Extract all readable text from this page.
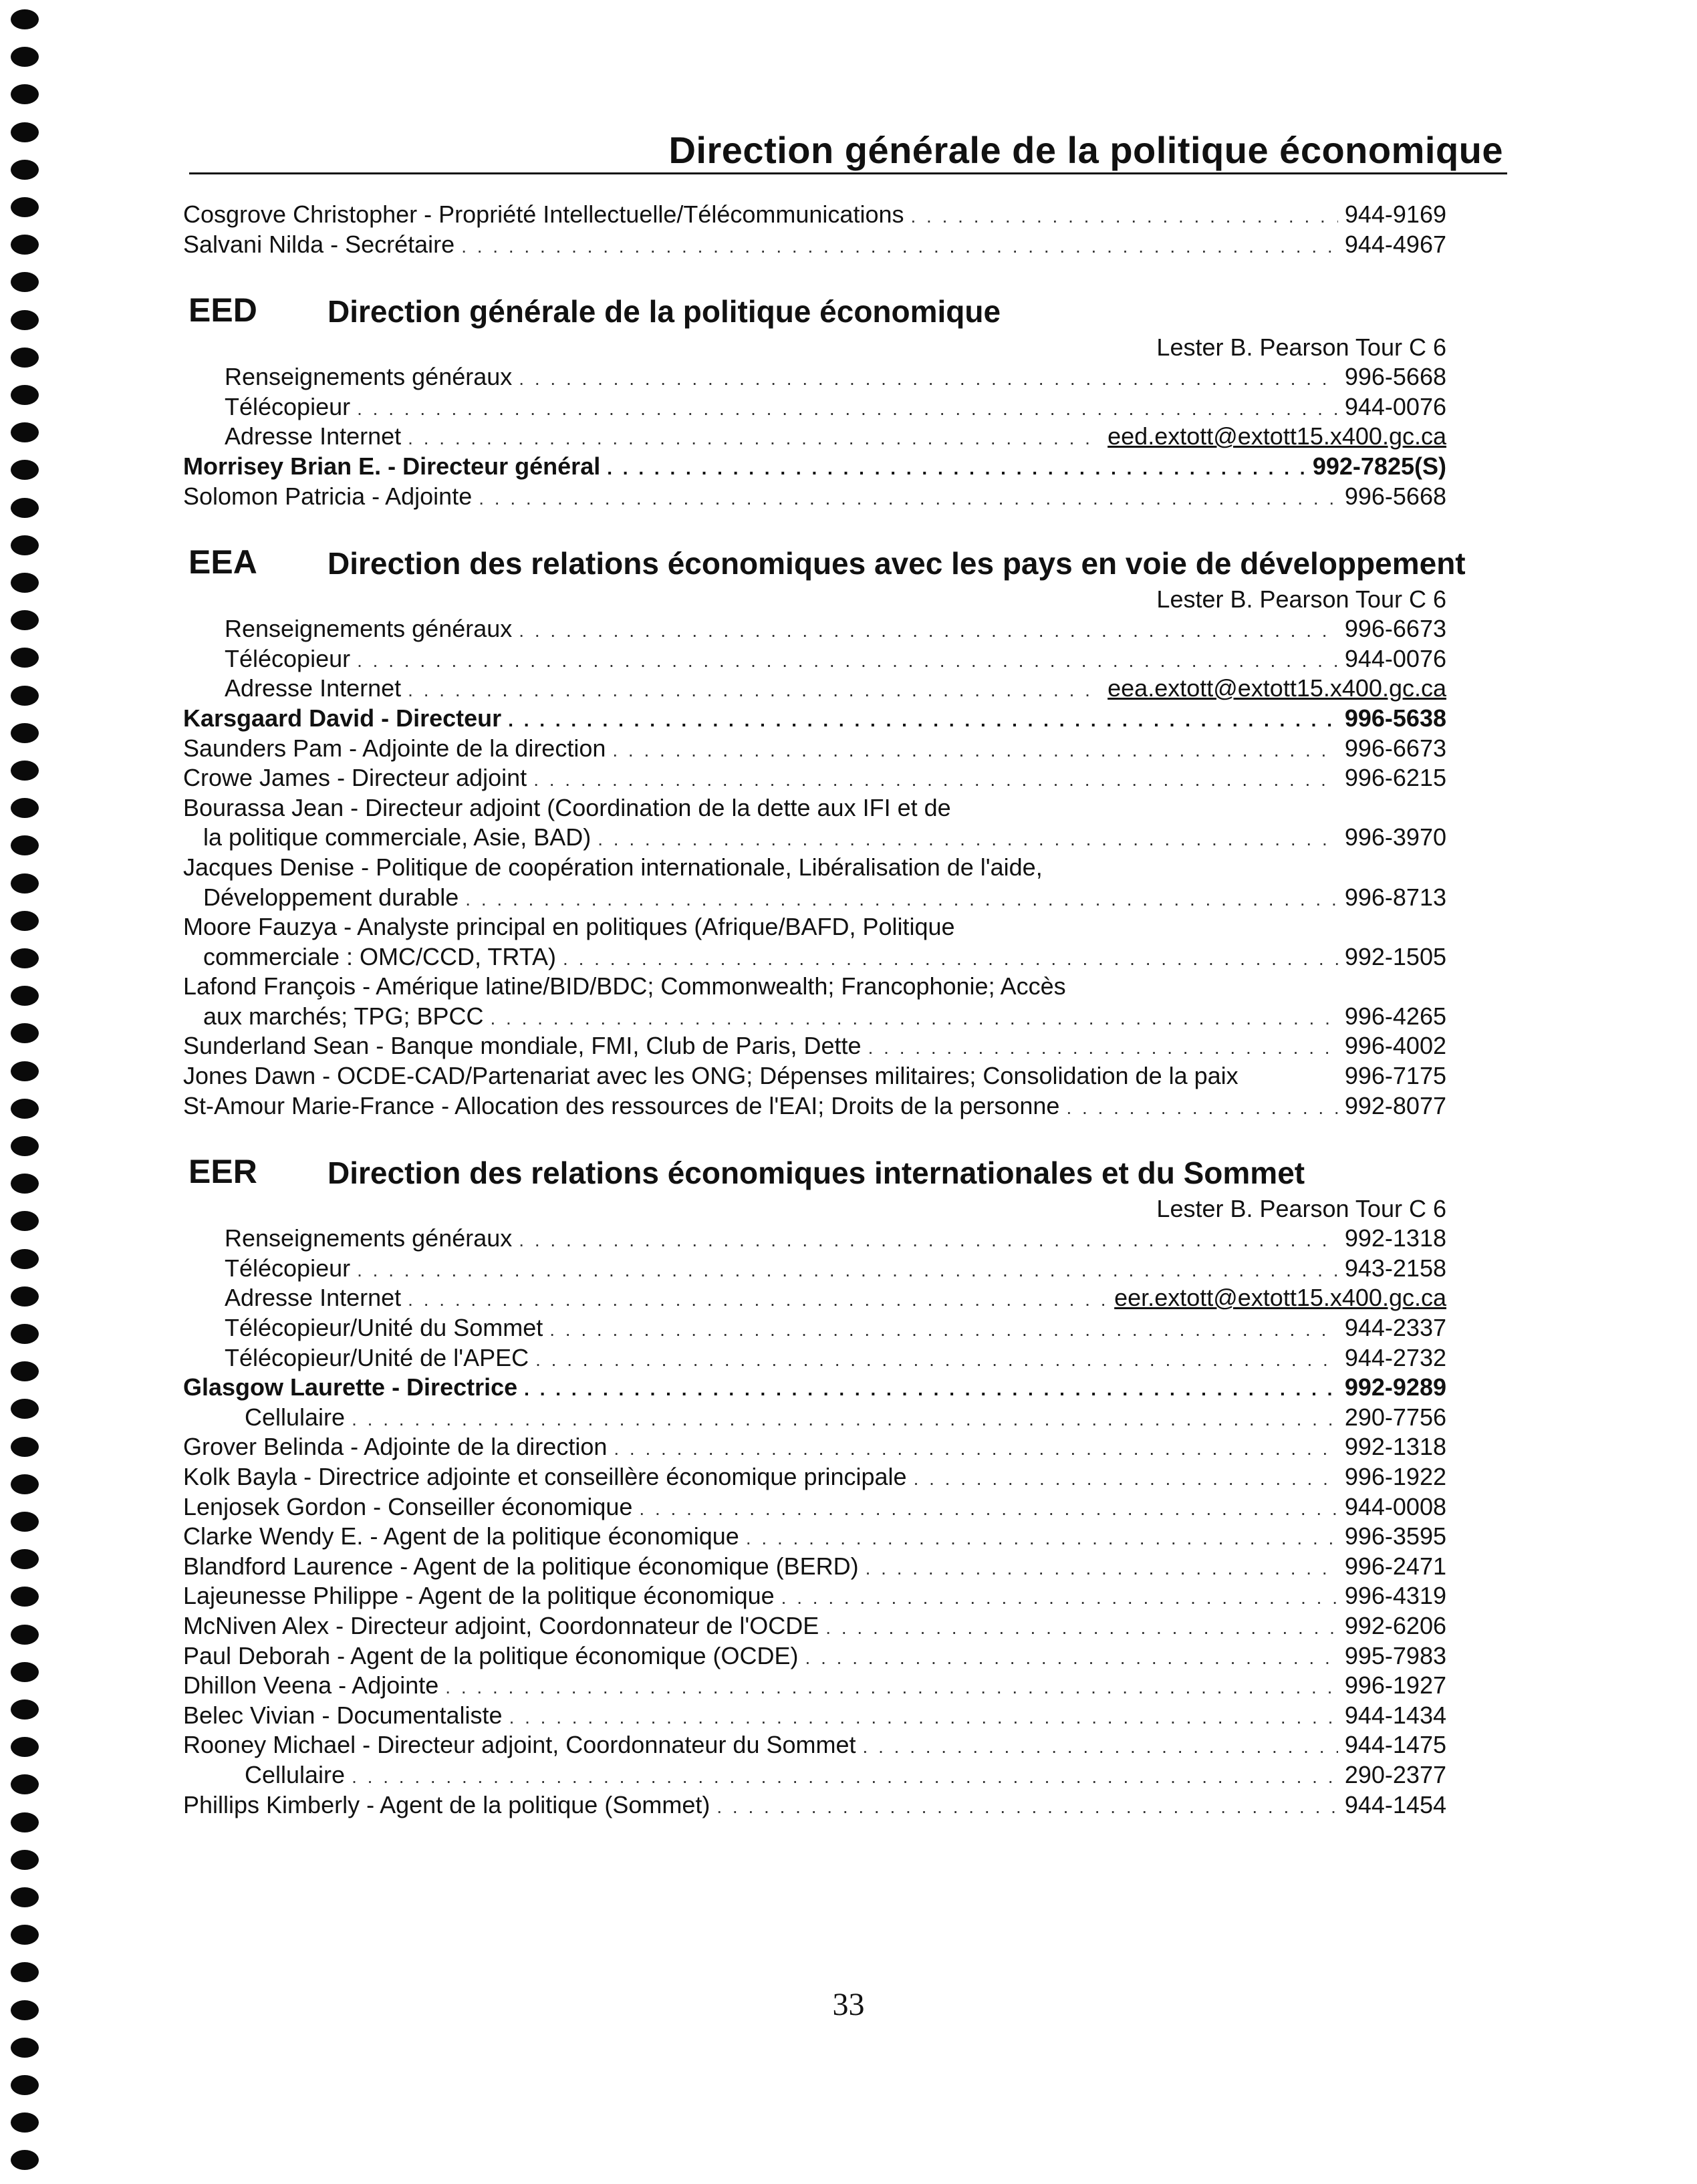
Direction générale de la politique économique
Cosgrove Christopher - Propriété Intellectuelle/Télécommunications . . .	944-9169
Salvani Nilda - Secrétaire . . .	944-4967
EED Direction générale de la politique économique
Lester B. Pearson Tour C 6
Renseignements généraux . . .	996-5668
Télécopieur . . .	944-0076
Adresse Internet . . .	eed.extott@extott15.x400.gc.ca
Morrisey Brian E. - Directeur général . . .	992-7825(S)
Solomon Patricia - Adjointe . . .	996-5668
EEA Direction des relations économiques avec les pays en voie de développement
Lester B. Pearson Tour C 6
Renseignements généraux . . .	996-6673
Télécopieur . . .	944-0076
Adresse Internet . . .	eea.extott@extott15.x400.gc.ca
Karsgaard David - Directeur . . .	996-5638
Saunders Pam - Adjointe de la direction . . .	996-6673
Crowe James - Directeur adjoint . . .	996-6215
Bourassa Jean - Directeur adjoint (Coordination de la dette aux IFI et de
la politique commerciale, Asie, BAD) . . .	996-3970
Jacques Denise - Politique de coopération internationale, Libéralisation de l'aide,
Développement durable . . .	996-8713
Moore Fauzya - Analyste principal en politiques (Afrique/BAFD, Politique
commerciale : OMC/CCD, TRTA) . . .	992-1505
Lafond François - Amérique latine/BID/BDC; Commonwealth; Francophonie; Accès
aux marchés; TPG; BPCC . . .	996-4265
Sunderland Sean - Banque mondiale, FMI, Club de Paris, Dette . . .	996-4002
Jones Dawn - OCDE-CAD/Partenariat avec les ONG; Dépenses militaires; Consolidation de la paix	996-7175
St-Amour Marie-France - Allocation des ressources de l'EAI; Droits de la personne . . .	992-8077
EER Direction des relations économiques internationales et du Sommet
Lester B. Pearson Tour C 6
Renseignements généraux . . .	992-1318
Télécopieur . . .	943-2158
Adresse Internet . . .	eer.extott@extott15.x400.gc.ca
Télécopieur/Unité du Sommet . . .	944-2337
Télécopieur/Unité de l'APEC . . .	944-2732
Glasgow Laurette - Directrice . . .	992-9289
Cellulaire . . .	290-7756
Grover Belinda - Adjointe de la direction . . .	992-1318
Kolk Bayla - Directrice adjointe et conseillère économique principale . . .	996-1922
Lenjosek Gordon - Conseiller économique . . .	944-0008
Clarke Wendy E. - Agent de la politique économique . . .	996-3595
Blandford Laurence - Agent de la politique économique (BERD) . . .	996-2471
Lajeunesse Philippe - Agent de la politique économique . . .	996-4319
McNiven Alex - Directeur adjoint, Coordonnateur de l'OCDE . . .	992-6206
Paul Deborah - Agent de la politique économique (OCDE) . . .	995-7983
Dhillon Veena - Adjointe . . .	996-1927
Belec Vivian - Documentaliste . . .	944-1434
Rooney Michael - Directeur adjoint, Coordonnateur du Sommet . . .	944-1475
Cellulaire . . .	290-2377
Phillips Kimberly - Agent de la politique (Sommet) . . .	944-1454
33
